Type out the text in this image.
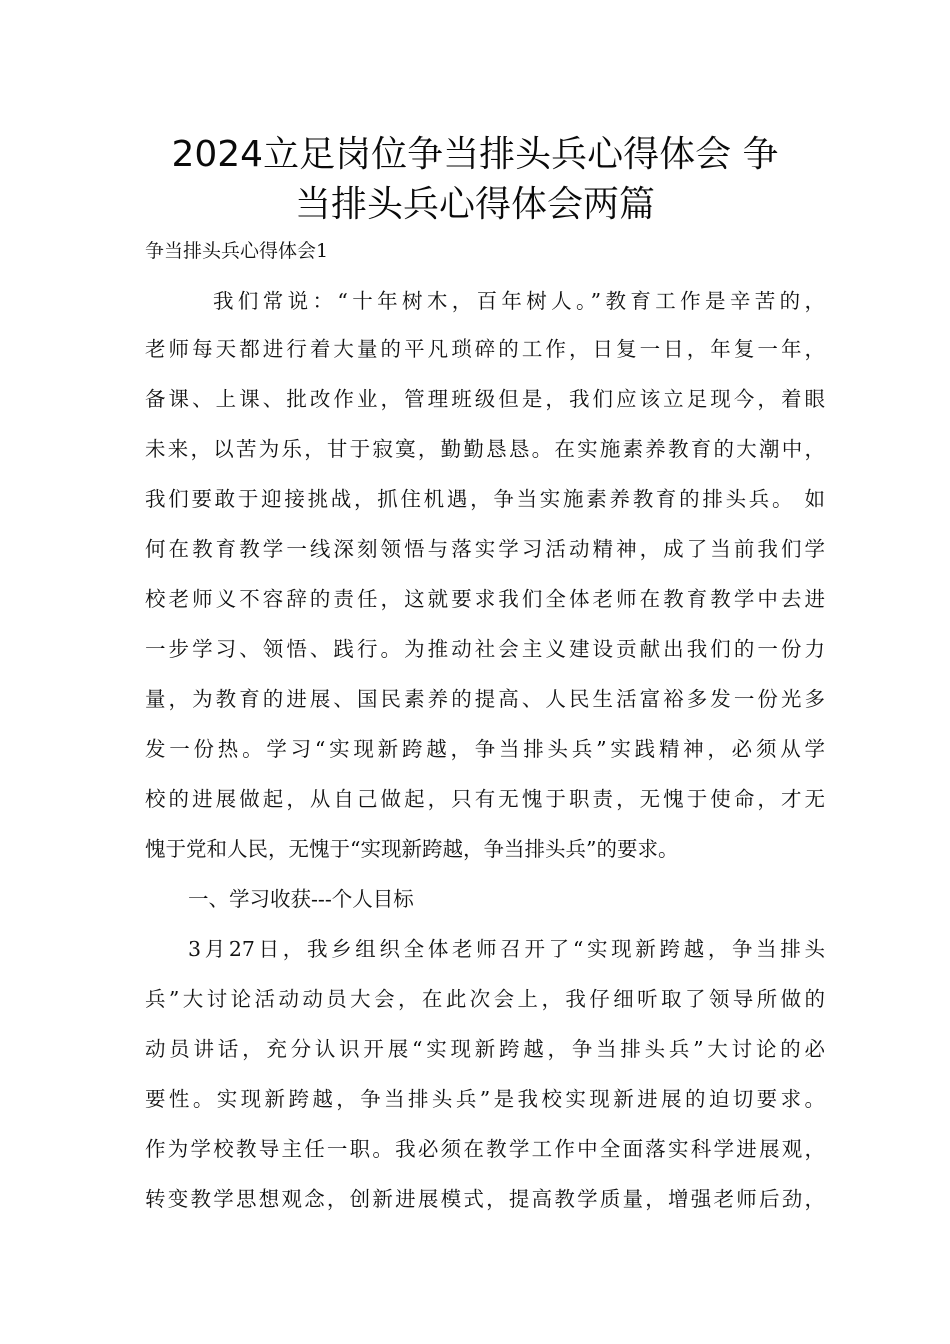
2024立足岗位争当排头兵心得体会 争
当排头兵心得体会两篇
争当排头兵心得体会1
我们常说：“十年树木，百年树人。”教育工作是辛苦的，
老师每天都进行着大量的平凡琐碎的工作，日复一日，年复一年，
备课、上课、批改作业，管理班级但是，我们应该立足现今，着眼
未来，以苦为乐，甘于寂寞，勤勤恳恳。在实施素养教育的大潮中，
我们要敢于迎接挑战，抓住机遇，争当实施素养教育的排头兵。 如
何在教育教学一线深刻领悟与落实学习活动精神，成了当前我们学
校老师义不容辞的责任，这就要求我们全体老师在教育教学中去进
一步学习、领悟、践行。为推动社会主义建设贡献出我们的一份力
量，为教育的进展、国民素养的提高、人民生活富裕多发一份光多
发一份热。学习“实现新跨越，争当排头兵”实践精神，必须从学
校的进展做起，从自己做起，只有无愧于职责，无愧于使命，才无
愧于党和人民，无愧于“实现新跨越，争当排头兵”的要求。
一、学习收获---个人目标
3月27日，我乡组织全体老师召开了“实现新跨越，争当排头
兵”大讨论活动动员大会，在此次会上，我仔细听取了领导所做的
动员讲话，充分认识开展“实现新跨越，争当排头兵”大讨论的必
要性。实现新跨越，争当排头兵”是我校实现新进展的迫切要求。
作为学校教导主任一职。我必须在教学工作中全面落实科学进展观，
转变教学思想观念，创新进展模式，提高教学质量，增强老师后劲，
